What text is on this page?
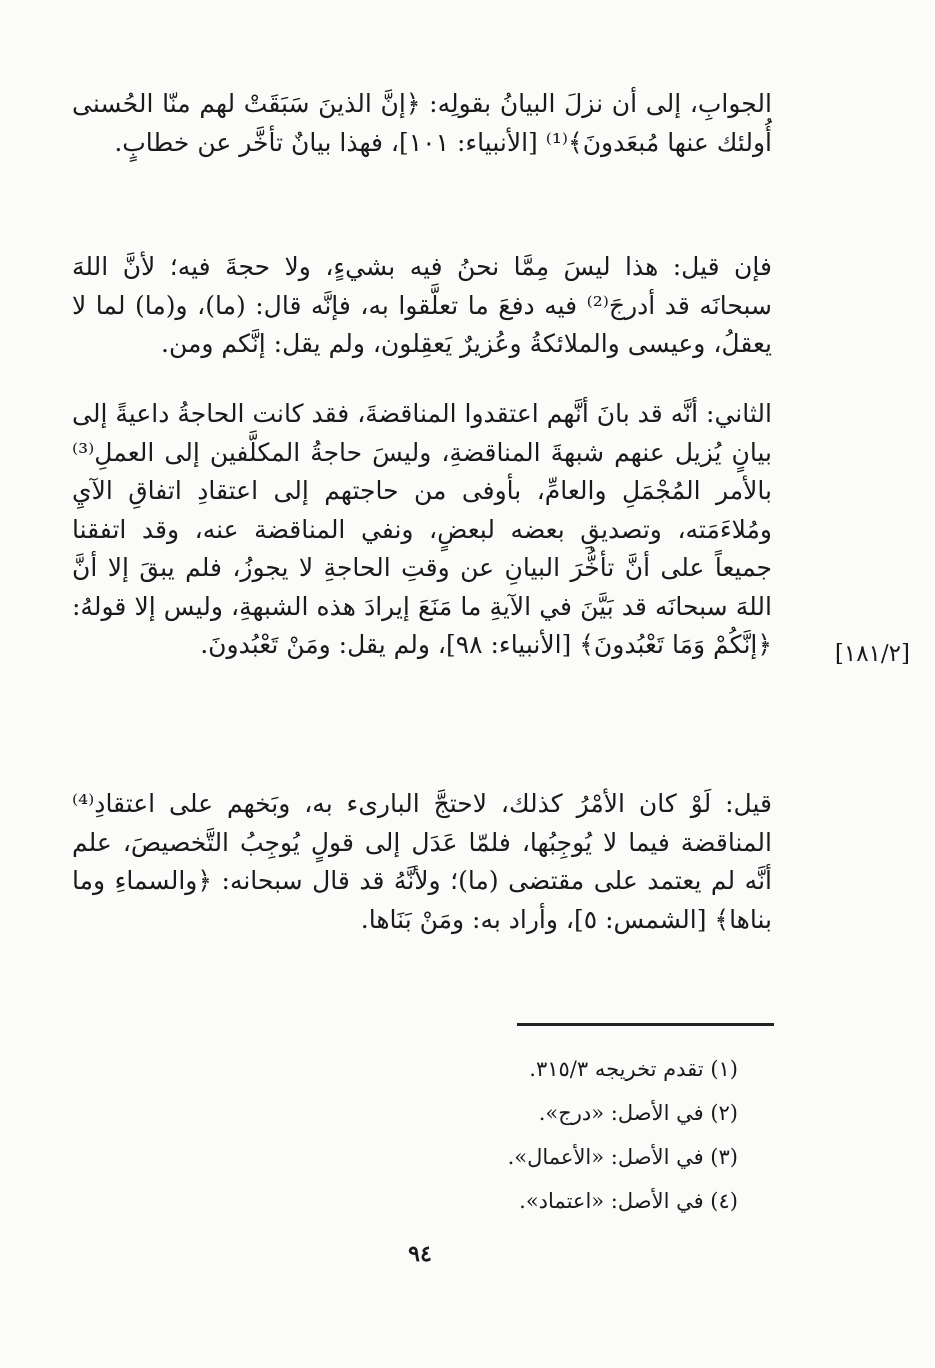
الجوابِ، إلى أن نزلَ البيانُ بقولِه: ﴿إنَّ الذينَ سَبَقَتْ لهم منّا الحُسنى أُولئك عنها مُبعَدونَ﴾⁽¹⁾ [الأنبياء: ١٠١]، فهذا بيانٌ تأخَّر عن خطابٍ.

فإن قيل: هذا ليسَ مِمَّا نحنُ فيه بشيءٍ، ولا حجةَ فيه؛ لأنَّ اللهَ سبحانَه قد أدرجَ⁽²⁾ فيه دفعَ ما تعلَّقوا به، فإنَّه قال: (ما)، و(ما) لما لا يعقلُ، وعيسى والملائكةُ وعُزيرٌ يَعقِلون، ولم يقل: إنَّكم ومن.

الثاني: أنَّه قد بانَ أنَّهم اعتقدوا المناقضةَ، فقد كانت الحاجةُ داعيةً إلى بيانٍ يُزيل عنهم شبهةَ المناقضةِ، وليسَ حاجةُ المكلَّفين إلى العملِ⁽³⁾ بالأمر المُجْمَلِ والعامِّ، بأوفى من حاجتهم إلى اعتقادِ اتفاقِ الآيِ ومُلاءَمَته، وتصديقِ بعضه لبعضٍ، ونفي المناقضة عنه، وقد اتفقنا جميعاً على أنَّ تأخُّرَ البيانِ عن وقتِ الحاجةِ لا يجوزُ، فلم يبقَ إلا أنَّ اللهَ سبحانَه قد بَيَّنَ في الآيةِ ما مَنَعَ إيرادَ هذه الشبهةِ، وليس إلا قولهُ: ﴿إنَّكُمْ وَمَا تَعْبُدونَ﴾ [الأنبياء: ٩٨]، ولم يقل: ومَنْ تَعْبُدونَ.	[١٨١/٢]

قيل: لَوْ كان الأمْرُ كذلك، لاحتجَّ البارىء به، وبَخهم على اعتقادِ⁽⁴⁾ المناقضة فيما لا يُوجِبُها، فلمّا عَدَل إلى قولٍ يُوجِبُ التَّخصيصَ، علم أنَّه لم يعتمد على مقتضى (ما)؛ ولأنَّهُ قد قال سبحانه: ﴿والسماءِ وما بناها﴾ [الشمس: ٥]، وأراد به: ومَنْ بَنَاها.

(١) تقدم تخريجه ٣١٥/٣.

(٢) في الأصل: «درج».

(٣) في الأصل: «الأعمال».

(٤) في الأصل: «اعتماد».

٩٤
